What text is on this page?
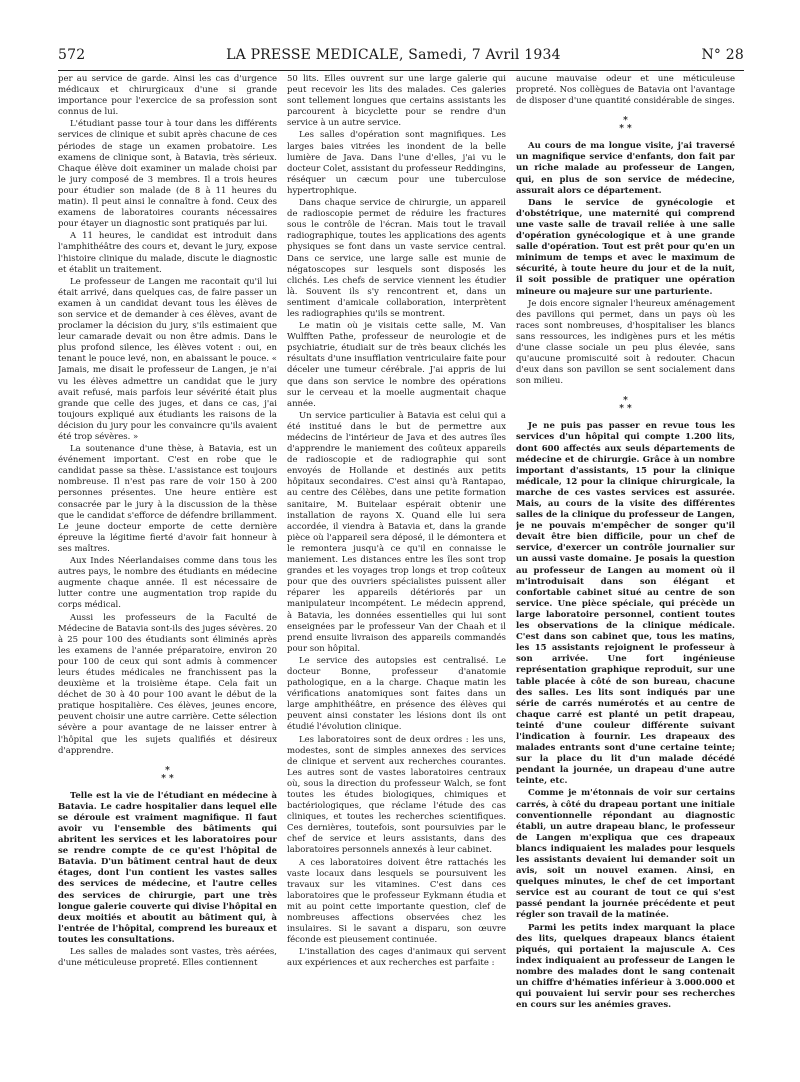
572	LA PRESSE MEDICALE, Samedi, 7 Avril 1934	N° 28

per au service de garde. Ainsi les cas d'urgence médicaux et chirurgicaux d'une si grande importance pour l'exercice de sa profession sont connus de lui.

L'étudiant passe tour à tour dans les différents services de clinique et subit après chacune de ces périodes de stage un examen probatoire. Les examens de clinique sont, à Batavia, très sérieux. Chaque élève doit examiner un malade choisi par le jury composé de 3 membres. Il a trois heures pour étudier son malade (de 8 à 11 heures du matin). Il peut ainsi le connaître à fond. Ceux des examens de laboratoires courants nécessaires pour étayer un diagnostic sont pratiqués par lui.

A 11 heures, le candidat est introduit dans l'amphithéâtre des cours et, devant le jury, expose l'histoire clinique du malade, discute le diagnostic et établit un traitement.

Le professeur de Langen me racontait qu'il lui était arrivé, dans quelques cas, de faire passer un examen à un candidat devant tous les élèves de son service et de demander à ces élèves, avant de proclamer la décision du jury, s'ils estimaient que leur camarade devait ou non être admis. Dans le plus profond silence, les élèves votent : oui, en tenant le pouce levé, non, en abaissant le pouce. « Jamais, me disait le professeur de Langen, je n'ai vu les élèves admettre un candidat que le jury avait refusé, mais parfois leur sévérité était plus grande que celle des juges, et dans ce cas, j'ai toujours expliqué aux étudiants les raisons de la décision du jury pour les convaincre qu'ils avaient été trop sévères. »

La soutenance d'une thèse, à Batavia, est un événement important. C'est en robe que le candidat passe sa thèse. L'assistance est toujours nombreuse. Il n'est pas rare de voir 150 à 200 personnes présentes. Une heure entière est consacrée par le jury à la discussion de la thèse que le candidat s'efforce de défendre brillamment. Le jeune docteur emporte de cette dernière épreuve la légitime fierté d'avoir fait honneur à ses maîtres.

Aux Indes Néerlandaises comme dans tous les autres pays, le nombre des étudiants en médecine augmente chaque année. Il est nécessaire de lutter contre une augmentation trop rapide du corps médical.

Aussi les professeurs de la Faculté de Médecine de Batavia sont-ils des juges sévères. 20 à 25 pour 100 des étudiants sont éliminés après les examens de l'année préparatoire, environ 20 pour 100 de ceux qui sont admis à commencer leurs études médicales ne franchissent pas la deuxième et la troisième étape. Cela fait un déchet de 30 à 40 pour 100 avant le début de la pratique hospitalière. Ces élèves, jeunes encore, peuvent choisir une autre carrière. Cette sélection sévère a pour avantage de ne laisser entrer à l'hôpital que les sujets qualifiés et désireux d'apprendre.

*
* *

Telle est la vie de l'étudiant en médecine à Batavia. Le cadre hospitalier dans lequel elle se déroule est vraiment magnifique. Il faut avoir vu l'ensemble des bâtiments qui abritent les services et les laboratoires pour se rendre compte de ce qu'est l'hôpital de Batavia. D'un bâtiment central haut de deux étages, dont l'un contient les vastes salles des services de médecine, et l'autre celles des services de chirurgie, part une très longue galerie couverte qui divise l'hôpital en deux moitiés et aboutit au bâtiment qui, à l'entrée de l'hôpital, comprend les bureaux et toutes les consultations.

Les salles de malades sont vastes, très aérées, d'une méticuleuse propreté. Elles contiennent

50 lits. Elles ouvrent sur une large galerie qui peut recevoir les lits des malades. Ces galeries sont tellement longues que certains assistants les parcourent à bicyclette pour se rendre d'un service à un autre service.

Les salles d'opération sont magnifiques. Les larges baies vitrées les inondent de la belle lumière de Java. Dans l'une d'elles, j'ai vu le docteur Colet, assistant du professeur Reddingins, réséquer un cæcum pour une tuberculose hypertrophique.

Dans chaque service de chirurgie, un appareil de radioscopie permet de réduire les fractures sous le contrôle de l'écran. Mais tout le travail radiographique, toutes les applications des agents physiques se font dans un vaste service central. Dans ce service, une large salle est munie de négatoscopes sur lesquels sont disposés les clichés. Les chefs de service viennent les étudier là. Souvent ils s'y rencontrent et, dans un sentiment d'amicale collaboration, interprètent les radiographies qu'ils se montrent.

Le matin où je visitais cette salle, M. Van Wulfften Pathe, professeur de neurologie et de psychiatrie, étudiait sur de très beaux clichés les résultats d'une insufflation ventriculaire faite pour déceler une tumeur cérébrale. J'ai appris de lui que dans son service le nombre des opérations sur le cerveau et la moelle augmentait chaque année.

Un service particulier à Batavia est celui qui a été institué dans le but de permettre aux médecins de l'intérieur de Java et des autres îles d'apprendre le maniement des coûteux appareils de radioscopie et de radiographie qui sont envoyés de Hollande et destinés aux petits hôpitaux secondaires. C'est ainsi qu'à Rantapao, au centre des Célèbes, dans une petite formation sanitaire, M. Buitelaar espérait obtenir une installation de rayons X. Quand elle lui sera accordée, il viendra à Batavia et, dans la grande pièce où l'appareil sera déposé, il le démontera et le remontera jusqu'à ce qu'il en connaisse le maniement. Les distances entre les îles sont trop grandes et les voyages trop longs et trop coûteux pour que des ouvriers spécialistes puissent aller réparer les appareils détériorés par un manipulateur incompétent. Le médecin apprend, à Batavia, les données essentielles qui lui sont enseignées par le professeur Van der Chaah et il prend ensuite livraison des appareils commandés pour son hôpital.

Le service des autopsies est centralisé. Le docteur Bonne, professeur d'anatomie pathologique, en a la charge. Chaque matin les vérifications anatomiques sont faites dans un large amphithéâtre, en présence des élèves qui peuvent ainsi constater les lésions dont ils ont étudié l'évolution clinique.

Les laboratoires sont de deux ordres : les uns, modestes, sont de simples annexes des services de clinique et servent aux recherches courantes. Les autres sont de vastes laboratoires centraux où, sous la direction du professeur Walch, se font toutes les études biologiques, chimiques et bactériologiques, que réclame l'étude des cas cliniques, et toutes les recherches scientifiques. Ces dernières, toutefois, sont poursuivies par le chef de service et leurs assistants, dans des laboratoires personnels annexés à leur cabinet.

A ces laboratoires doivent être rattachés les vaste locaux dans lesquels se poursuivent les travaux sur les vitamines. C'est dans ces laboratoires que le professeur Eykmann étudia et mit au point cette importante question, clef de nombreuses affections observées chez les insulaires. Si le savant a disparu, son œuvre féconde est pieusement continuée.

L'installation des cages d'animaux qui servent aux expériences et aux recherches est parfaite :

aucune mauvaise odeur et une méticuleuse propreté. Nos collègues de Batavia ont l'avantage de disposer d'une quantité considérable de singes.

*
* *

Au cours de ma longue visite, j'ai traversé un magnifique service d'enfants, don fait par un riche malade au professeur de Langen, qui, en plus de son service de médecine, assurait alors ce département.

Dans le service de gynécologie et d'obstétrique, une maternité qui comprend une vaste salle de travail reliée à une salle d'opération gynécologique et à une grande salle d'opération. Tout est prêt pour qu'en un minimum de temps et avec le maximum de sécurité, à toute heure du jour et de la nuit, il soit possible de pratiquer une opération mineure ou majeure sur une parturiente.

Je dois encore signaler l'heureux aménagement des pavillons qui permet, dans un pays où les races sont nombreuses, d'hospitaliser les blancs sans ressources, les indigènes purs et les métis d'une classe sociale un peu plus élevée, sans qu'aucune promiscuité soit à redouter. Chacun d'eux dans son pavillon se sent socialement dans son milieu.

*
* *

Je ne puis pas passer en revue tous les services d'un hôpital qui compte 1.200 lits, dont 600 affectés aux seuls départements de médecine et de chirurgie. Grâce à un nombre important d'assistants, 15 pour la clinique médicale, 12 pour la clinique chirurgicale, la marche de ces vastes services est assurée. Mais, au cours de la visite des différentes salles de la clinique du professeur de Langen, je ne pouvais m'empêcher de songer qu'il devait être bien difficile, pour un chef de service, d'exercer un contrôle journalier sur un aussi vaste domaine. Je posais la question au professeur de Langen au moment où il m'introduisait dans son élégant et confortable cabinet situé au centre de son service. Une pièce spéciale, qui précède un large laboratoire personnel, contient toutes les observations de la clinique médicale. C'est dans son cabinet que, tous les matins, les 15 assistants rejoignent le professeur à son arrivée. Une fort ingénieuse représentation graphique reproduit, sur une table placée à côté de son bureau, chacune des salles. Les lits sont indiqués par une série de carrés numérotés et au centre de chaque carré est planté un petit drapeau, teinté d'une couleur différente suivant l'indication à fournir. Les drapeaux des malades entrants sont d'une certaine teinte; sur la place du lit d'un malade décédé pendant la journée, un drapeau d'une autre teinte, etc.

Comme je m'étonnais de voir sur certains carrés, à côté du drapeau portant une initiale conventionnelle répondant au diagnostic établi, un autre drapeau blanc, le professeur de Langen m'expliqua que ces drapeaux blancs indiquaient les malades pour lesquels les assistants devaient lui demander soit un avis, soit un nouvel examen. Ainsi, en quelques minutes, le chef de cet important service est au courant de tout ce qui s'est passé pendant la journée précédente et peut régler son travail de la matinée.

Parmi les petits index marquant la place des lits, quelques drapeaux blancs étaient piqués, qui portaient la majuscule A. Ces index indiquaient au professeur de Langen le nombre des malades dont le sang contenait un chiffre d'hématies inférieur à 3.000.000 et qui pouvaient lui servir pour ses recherches en cours sur les anémies graves.
